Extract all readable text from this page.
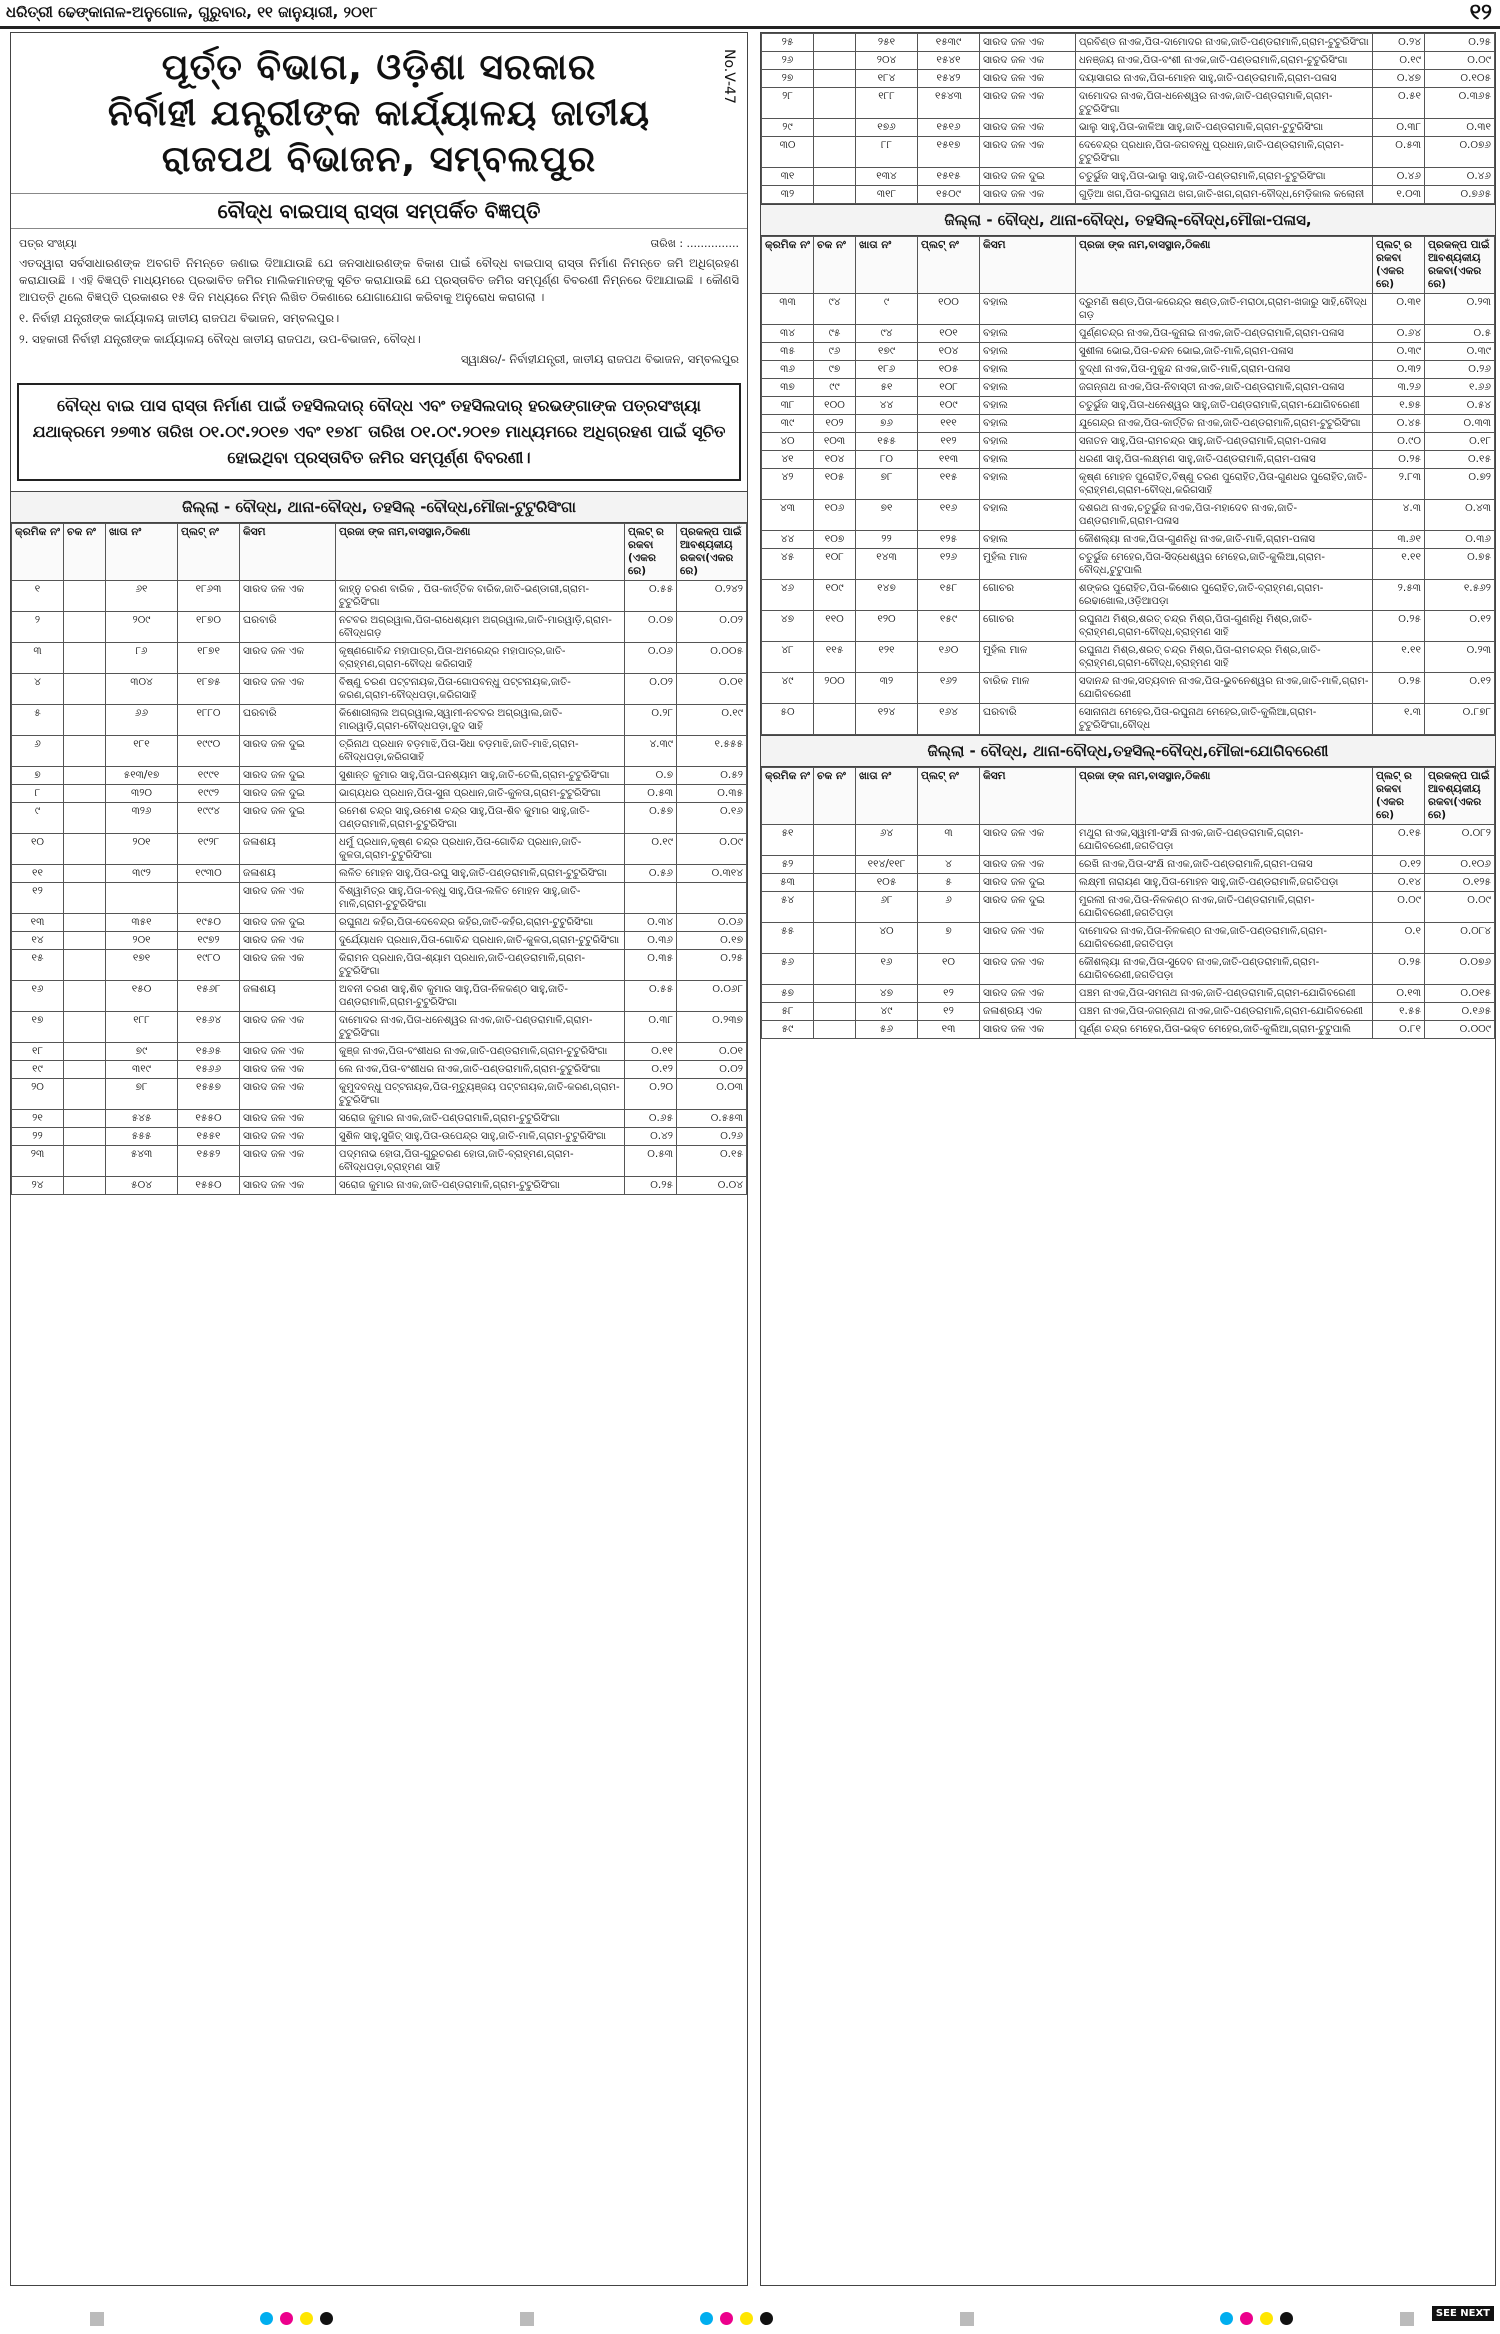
ଧରିତ୍ରୀ ଢେଙ୍କାନାଳ-ଅନୁଗୋଳ, ଗୁରୁବାର, ୧୧ ଜାନୁୟାରୀ, ୨୦୧୮	୧୨
ପୂର୍ତ୍ତ ବିଭାଗ, ଓଡ଼ିଶା ସରକାର
ନିର୍ବାହୀ ଯନ୍ତ୍ରୀଙ୍କ କାର୍ଯ୍ୟାଳୟ ଜାତୀୟ
ରାଜପଥ ବିଭାଜନ, ସମ୍ବଲପୁର
No.V-47
ବୌଦ୍ଧ ବାଇପାସ୍ ରାସ୍ତା ସମ୍ପର୍କିତ ବିଜ୍ଞପ୍ତି
ପତ୍ର ସଂଖ୍ୟା	ତାରିଖ : ...............
ଏତଦ୍ୱାରା ସର୍ବସାଧାରଣଙ୍କ ଅବଗତି ନିମନ୍ତେ ଜଣାଇ ଦିଆଯାଉଛି ଯେ ଜନସାଧାରଣଙ୍କ ବିକାଶ ପାଇଁ ବୌଦ୍ଧ ବାଇପାସ୍ ରାସ୍ତା ନିର୍ମାଣ ନିମନ୍ତେ ଜମି ଅଧିଗ୍ରହଣ କରାଯାଉଛି । ଏହି ବିଜ୍ଞପ୍ତି ମାଧ୍ୟମରେ ପ୍ରଭାବିତ ଜମିର ମାଲିକମାନଙ୍କୁ ସୂଚିତ କରାଯାଉଛି ଯେ ପ୍ରସ୍ତାବିତ ଜମିର ସମ୍ପୂର୍ଣ୍ଣ ବିବରଣୀ ନିମ୍ନରେ ଦିଆଯାଇଛି । କୌଣସି ଆପତ୍ତି ଥିଲେ ବିଜ୍ଞପ୍ତି ପ୍ରକାଶର ୧୫ ଦିନ ମଧ୍ୟରେ ନିମ୍ନ ଲିଖିତ ଠିକଣାରେ ଯୋଗାଯୋଗ କରିବାକୁ ଅନୁରୋଧ କରାଗଲା ।
୧. ନିର୍ବାହୀ ଯନ୍ତ୍ରୀଙ୍କ କାର୍ଯ୍ୟାଳୟ ଜାତୀୟ ରାଜପଥ ବିଭାଜନ, ସମ୍ବଲପୁର।
୨. ସହକାରୀ ନିର୍ବାହୀ ଯନ୍ତ୍ରୀଙ୍କ କାର୍ଯ୍ୟାଳୟ ବୌଦ୍ଧ ଜାତୀୟ ରାଜପଥ, ଉପ-ବିଭାଜନ, ବୌଦ୍ଧ।
ସ୍ୱାକ୍ଷର/- ନିର୍ବାହୀଯନ୍ତ୍ରୀ, ଜାତୀୟ ରାଜପଥ ବିଭାଜନ, ସମ୍ବଲପୁର
ବୌଦ୍ଧ ବାଇ ପାସ ରାସ୍ତା ନିର୍ମାଣ ପାଇଁ ତହସିଲଦାର୍ ବୌଦ୍ଧ ଏବଂ ତହସିଲଦାର୍ ହରଭଙ୍ଗାଙ୍କ ପତ୍ରସଂଖ୍ୟା ଯଥାକ୍ରମେ ୨୭୩୪ ତାରିଖ ୦୧.୦୯.୨୦୧୭ ଏବଂ ୧୭୪୮ ତାରିଖ ୦୧.୦୯.୨୦୧୭ ମାଧ୍ୟମରେ ଅଧିଗ୍ରହଣ ପାଇଁ ସୂଚିତ ହୋଇଥିବା ପ୍ରସ୍ତାବିତ ଜମିର ସମ୍ପୂର୍ଣ୍ଣ ବିବରଣୀ।
ଜିଲ୍ଲା - ବୌଦ୍ଧ, ଥାନା-ବୌଦ୍ଧ, ତହସିଲ୍ -ବୌଦ୍ଧ,ମୌଜା-ଟୁଟୁରିସିଂଗା
କ୍ରମିକ ନଂ	ଚକ ନଂ	ଖାତା ନଂ	ପ୍ଲଟ୍ ନଂ	କିସମ	ପ୍ରଜା ଙ୍କ ନାମ,ବାସସ୍ଥାନ,ଠିକଣା	ପ୍ଲଟ୍ ର ରକବା (ଏକର ରେ)	ପ୍ରକଳ୍ପ ପାଇଁ ଆବଶ୍ୟକୀୟ ରକବା(ଏକର ରେ)
୧		୬୧	୧୮୬୩	ସାରଦ ଜଳ ଏକ	କାହ୍ନୁ ଚରଣ ବାରିକ , ପିତା-କାର୍ତ୍ତିକ ବାରିକ,ଜାତି-ଭଣ୍ଡାରୀ,ଗ୍ରାମ-ଟୁଟୁରିସିଂଗା	୦.୫୫	୦.୨୪୨
୨		୨୦୯	୧୮୭୦	ଘରବାରି	ନଟବର ଅଗ୍ରୱାଲ,ପିତା-ରାଧେଶ୍ୟାମ ଅଗ୍ରୱାଲ,ଜାତି-ମାରୱାଡ଼ି,ଗ୍ରାମ-ବୌଦ୍ଧଗଡ଼	୦.୦୭	୦.୦୨
୩		୮୬	୧୮୭୧	ସାରଦ ଜଳ ଏକ	କୃଷ୍ଣଗୋବିନ୍ଦ ମହାପାତ୍ର,ପିତା-ଅମରେନ୍ଦ୍ର ମହାପାତ୍ର,ଜାତି-ବ୍ରାହ୍ମଣ,ଗ୍ରାମ-ବୌଦ୍ଧ କରିଗସାହି	୦.୦୬	୦.୦୦୫
୪		୩୦୪	୧୮୭୫	ସାରଦ ଜଳ ଏକ	ବିଷ୍ଣୁ ଚରଣ ପଟ୍ଟନାୟକ,ପିତା-ଗୋପବନ୍ଧୁ ପଟ୍ଟନାୟକ,ଜାତି-କରଣ,ଗ୍ରାମ-ବୌଦ୍ଧପଡ଼ା,କରିଗସାହି	୦.୦୨	୦.୦୧
୫		୬୬	୧୮୮୦	ଘରବାରି	କିଶୋରୀଲାଲ ଅଗ୍ରୱାଲ,ସ୍ୱାମୀ-ନଟବର ଅଗ୍ରୱାଲ,ଜାତି-ମାରୱାଡ଼ି,ଗ୍ରାମ-ବୌଦ୍ଧପଡ଼ା,ଜୁଦ ସାହି	୦.୨୮	୦.୧୯
୬		୧୮୧	୧୯୯୦	ସାରଦ ଜଳ ଦୁଇ	ତ୍ରିନାଥ ପ୍ରଧାନ ବଡ଼ମାଝି,ପିତା-ସିଧା ବଡ଼ମାଝି,ଜାତି-ମାଝି,ଗ୍ରାମ-ବୌଦ୍ଧପଡ଼ା,କରିଗସାହି	୪.୩୯	୧.୫୫୫
୭		୫୧୩/୧୭	୧୯୯୧	ସାରଦ ଜଳ ଦୁଇ	ସୁଶାନ୍ତ କୁମାର ସାହୁ,ପିତା-ଘନଶ୍ୟାମ ସାହୁ,ଜାତି-ତେଲି,ଗ୍ରାମ-ଟୁଟୁରିସିଂଗା	୦.୭	୦.୫୨
୮		୩୨୦	୧୯୯୨	ସାରଦ ଜଳ ଦୁଇ	ଭାଗ୍ୟଧର ପ୍ରଧାନ,ପିତା-ସୁନା ପ୍ରଧାନ,ଜାତି-କୁଳତା,ଗ୍ରାମ-ଟୁଟୁରିସିଂଗା	୦.୫୩	୦.୩୫
୯		୩୨୬	୧୯୯୪	ସାରଦ ଜଳ ଦୁଇ	ରମେଶ ଚନ୍ଦ୍ର ସାହୁ,ଉମେଶ ଚନ୍ଦ୍ର ସାହୁ,ପିତା-ଶିବ କୁମାର ସାହୁ,ଜାତି-ପଣ୍ଡରାମାଳି,ଗ୍ରାମ-ଟୁଟୁରିସିଂଗା	୦.୫୭	୦.୧୬
୧୦		୨୦୧	୧୯୨୮	ଜଳାଶୟ	ଧର୍ମୁ ପ୍ରଧାନ,କୃଷ୍ଣ ଚନ୍ଦ୍ର ପ୍ରଧାନ,ପିତା-ଗୋବିନ୍ଦ ପ୍ରଧାନ,ଜାତି-କୁଳତା,ଗ୍ରାମ-ଟୁଟୁରିସିଂଗା	୦.୧୯	୦.୦୯
୧୧		୩୯୨	୧୯୩୦	ଜଳାଶୟ	ଲଳିତ ମୋହନ ସାହୁ,ପିତା-ରଘୁ ସାହୁ,ଜାତି-ପଣ୍ଡରାମାଳି,ଗ୍ରାମ-ଟୁଟୁରିସିଂଗା	୦.୫୬	୦.୩୧୪
୧୨				ସାରଦ ଜଳ ଏକ	ବିଶ୍ୱାମିତ୍ର ସାହୁ,ପିତା-ବନ୍ଧୁ ସାହୁ,ପିତା-ଲଳିତ ମୋହନ ସାହୁ,ଜାତି-ମାଳି,ଗ୍ରାମ-ଟୁଟୁରିସିଂଗା		
୧୩		୩୫୧	୧୯୫୦	ସାରଦ ଜଳ ଦୁଇ	ରଘୁନାଥ କହଁର,ପିତା-ଦେବେନ୍ଦ୍ର କହଁର,ଜାତି-କହଁର,ଗ୍ରାମ-ଟୁଟୁରିସିଂଗା	୦.୩୪	୦.୦୬
୧୪		୨୦୧	୧୯୭୨	ସାରଦ ଜଳ ଏକ	ଦୁର୍ଯ୍ୟୋଧନ ପ୍ରଧାନ,ପିତା-ଗୋବିନ୍ଦ ପ୍ରଧାନ,ଜାତି-କୁଳତା,ଗ୍ରାମ-ଟୁଟୁରିସିଂଗା	୦.୩୬	୦.୧୭
୧୫		୧୭୧	୧୯୮୦	ସାରଦ ଜଳ ଏକ	କିରାମନ ପ୍ରଧାନ,ପିତା-ଶ୍ୟାମ ପ୍ରଧାନ,ଜାତି-ପଣ୍ଡରାମାଳି,ଗ୍ରାମ-ଟୁଟୁରିସିଂଗା	୦.୩୫	୦.୨୫
୧୬		୧୫୦	୧୫୬୮	ଜଳାଶୟ	ଅବନୀ ଚରଣ ସାହୁ,ଶିବ କୁମାର ସାହୁ,ପିତା-ନିଳକଣ୍ଠ ସାହୁ,ଜାତି-ପଣ୍ଡରାମାଳି,ଗ୍ରାମ-ଟୁଟୁରିସିଂଗା	୦.୫୫	୦.୦୬୮
୧୭		୧୮୮	୧୫୬୪	ସାରଦ ଜଳ ଏକ	ଦାମୋଦର ନାଏକ,ପିତା-ଧନେଶ୍ୱର ନାଏକ,ଜାତି-ପଣ୍ଡରାମାଳି,ଗ୍ରାମ-ଟୁଟୁରିସିଂଗା	୦.୩୮	୦.୨୩୭
୧୮		୭୯	୧୫୬୫	ସାରଦ ଜଳ ଏକ	କୁଞ୍ଜ ନାଏକ,ପିତା-ବଂଶୀଧର ନାଏକ,ଜାତି-ପଣ୍ଡରାମାଳି,ଗ୍ରାମ-ଟୁଟୁରିସିଂଗା	୦.୧୧	୦.୦୧
୧୯		୩୧୯	୧୫୬୬	ସାରଦ ଜଳ ଏକ	ଲେ ନାଏକ,ପିତା-ବଂଶୀଧର ନାଏକ,ଜାତି-ପଣ୍ଡରାମାଳି,ଗ୍ରାମ-ଟୁଟୁରିସିଂଗା	୦.୧୨	୦.୦୨
୨୦		୭୮	୧୫୫୭	ସାରଦ ଜଳ ଏକ	କୁମୁଦବନ୍ଧୁ ପଟ୍ଟନାୟକ,ପିତା-ମୃତ୍ୟୁଞ୍ଜୟ ପଟ୍ଟନାୟକ,ଜାତି-କରଣ,ଗ୍ରାମ-ଟୁଟୁରିସିଂଗା	୦.୨୦	୦.୦୩
୨୧		୫୪୫	୧୫୫୦	ସାରଦ ଜଳ ଏକ	ସରୋଜ କୁମାର ନାଏକ,ଜାତି-ପଣ୍ଡରାମାଳି,ଗ୍ରାମ-ଟୁଟୁରିସିଂଗା	୦.୬୫	୦.୫୫୩
୨୨		୫୫୫	୧୫୫୧	ସାରଦ ଜଳ ଏକ	ସୁଶିଳ ସାହୁ,ସୁଜିତ୍ ସାହୁ,ପିତା-ଉପେନ୍ଦ୍ର ସାହୁ,ଜାତି-ମାଳି,ଗ୍ରାମ-ଟୁଟୁରିସିଂଗା	୦.୪୨	୦.୨୬
୨୩		୫୪୩	୧୫୫୨	ସାରଦ ଜଳ ଏକ	ପଦ୍ମନାଭ ହୋତା,ପିତା-ଗୁରୁଚରଣ ହୋତା,ଜାତି-ବ୍ରାହ୍ମଣ,ଗ୍ରାମ-ବୌଦ୍ଧପଡ଼ା,ବ୍ରାହ୍ମଣ ସାହି	୦.୫୩	୦.୧୫
୨୪		୫୦୪	୧୫୫୦	ସାରଦ ଜଳ ଏକ	ସରୋଜ କୁମାର ନାଏକ,ଜାତି-ପଣ୍ଡରାମାଳି,ଗ୍ରାମ-ଟୁଟୁରିସିଂଗା	୦.୨୫	୦.୦୪
୨୫		୨୫୧	୧୫୩୯	ସାରଦ ଜଳ ଏକ	ପ୍ରବିଣ୍ଡ ନାଏକ,ପିତା-ଦାମୋଦର ନାଏକ,ଜାତି-ପଣ୍ଡରାମାଳି,ଗ୍ରାମ-ଟୁଟୁରିସିଂଗା	୦.୨୪	୦.୨୫
୨୬		୨୦୪	୧୫୪୧	ସାରଦ ଜଳ ଏକ	ଧନଞ୍ଜୟ ନାଏକ,ପିତା-ବଂଶୀ ନାଏକ,ଜାତି-ପଣ୍ଡରାମାଳି,ଗ୍ରାମ-ଟୁଟୁରିସିଂଗା	୦.୧୯	୦.୦୯
୨୭		୧୮୪	୧୫୪୨	ସାରଦ ଜଳ ଏକ	ଦୟାସାଗର ନାଏକ,ପିତା-ମୋହନ ସାହୁ,ଜାତି-ପଣ୍ଡରାମାଳି,ଗ୍ରାମ-ପଳାସ	୦.୪୭	୦.୧୦୫
୨୮		୧୮୮	୧୫୪୩	ସାରଦ ଜଳ ଏକ	ଦାମୋଦର ନାଏକ,ପିତା-ଧନେଶ୍ୱର ନାଏକ,ଜାତି-ପଣ୍ଡରାମାଳି,ଗ୍ରାମ-ଟୁଟୁରିସିଂଗା	୦.୫୧	୦.୩୬୫
୨୯		୧୭୬	୧୫୧୬	ସାରଦ ଜଳ ଏକ	ଭାଲୁ ସାହୁ,ପିତା-କାଳିଆ ସାହୁ,ଜାତି-ପଣ୍ଡରାମାଳି,ଗ୍ରାମ-ଟୁଟୁରିସିଂଗା	୦.୩୮	୦.୩୧
୩୦		୮୮	୧୫୧୭	ସାରଦ ଜଳ ଏକ	ଦେବେନ୍ଦ୍ର ପ୍ରଧାନ,ପିତା-ଜଗବନ୍ଧୁ ପ୍ରଧାନ,ଜାତି-ପଣ୍ଡରାମାଳି,ଗ୍ରାମ-ଟୁଟୁରିସିଂଗା	୦.୫୩	୦.୦୭୬
୩୧		୧୩୪	୧୫୧୫	ସାରଦ ଜଳ ଦୁଇ	ଚତୁର୍ଭୁଜ ସାହୁ,ପିତା-ଭାଲୁ ସାହୁ,ଜାତି-ପଣ୍ଡରାମାଳି,ଗ୍ରାମ-ଟୁଟୁରିସିଂଗା	୦.୪୬	୦.୪୬
୩୨		୩୧୮	୧୫୦୯	ସାରଦ ଜଳ ଏକ	ଗୁଡ଼ିଆ ଖଗ,ପିତା-ରଘୁନାଥ ଖଗ,ଜାତି-ଖଗ,ଗ୍ରାମ-ବୌଦ୍ଧ,ମେଡ଼ିକାଲ କଲୋନୀ	୧.୦୩	୦.୭୬୫
ଜିଲ୍ଲା - ବୌଦ୍ଧ, ଥାନା-ବୌଦ୍ଧ, ତହସିଲ୍-ବୌଦ୍ଧ,ମୌଜା-ପଳାସ,
କ୍ରମିକ ନଂ	ଚକ ନଂ	ଖାତା ନଂ	ପ୍ଲଟ୍ ନଂ	କିସମ	ପ୍ରଜା ଙ୍କ ନାମ,ବାସସ୍ଥାନ,ଠିକଣା	ପ୍ଲଟ୍ ର ରକବା (ଏକର ରେ)	ପ୍ରକଳ୍ପ ପାଇଁ ଆବଶ୍ୟକୀୟ ରକବା(ଏକର ରେ)
୩୩	୯୪	୯	୧୦୦	ବହାଲ	ଦ୍ରୁମଣି ଷଣ୍ଡ,ପିତା-କରେନ୍ଦ୍ର ଷଣ୍ଡ,ଜାତି-ମରାଠା,ଗ୍ରାମ-ଖଜାରୁ ସାହି,ବୌଦ୍ଧ ଗଡ଼	୦.୩୧	୦.୨୩
୩୪	୯୫	୯୪	୧୦୧	ବହାଲ	ପୁର୍ଣ୍ଣଚନ୍ଦ୍ର ନାଏକ,ପିତା-କୁନାଇ ନାଏକ,ଜାତି-ପଣ୍ଡରାମାଳି,ଗ୍ରାମ-ପଳାସ	୦.୬୪	୦.୫
୩୫	୯୬	୧୭୯	୧୦୪	ବହାଲ	ସୁଶୀଳା ଭୋଇ,ପିତା-ଚନ୍ଦନ ଭୋଇ,ଜାତି-ମାଳି,ଗ୍ରାମ-ପଳାସ	୦.୩୯	୦.୩୯
୩୬	୯୭	୧୮୬	୧୦୫	ବହାଲ	ବୁଦ୍ଧୀ ନାଏକ,ପିତା-ମୁକୁନ୍ଦ ନାଏକ,ଜାତି-ମାଳି,ଗ୍ରାମ-ପଳାସ	୦.୩୨	୦.୨୬
୩୭	୯୯	୫୧	୧୦୮	ବହାଲ	ଜଗନ୍ନାଥ ନାଏକ,ପିତା-ନିବାସ୍ତୀ ନାଏକ,ଜାତି-ପଣ୍ଡରାମାଳି,ଗ୍ରାମ-ପଳାସ	୩.୨୬	୧.୬୬
୩୮	୧୦୦	୪୪	୧୦୯	ବହାଲ	ଚତୁର୍ଭୁଜ ସାହୁ,ପିତା-ଧନେଶ୍ୱର ସାହୁ,ଜାତି-ପଣ୍ଡରାମାଳି,ଗ୍ରାମ-ଯୋଗିବରେଣୀ	୧.୭୫	୦.୫୪
୩୯	୧୦୨	୭୬	୧୧୧	ବହାଲ	ଯୁଗେନ୍ଦ୍ର ନାଏକ,ପିତା-କାର୍ତ୍ତିକ ନାଏକ,ଜାତି-ପଣ୍ଡରାମାଳି,ଗ୍ରାମ-ଟୁଟୁରିସିଂଗା	୦.୪୫	୦.୩୩
୪୦	୧୦୩	୧୫୫	୧୧୨	ବହାଲ	ସନାତନ ସାହୁ,ପିତା-ରାମଚନ୍ଦ୍ର ସାହୁ,ଜାତି-ପଣ୍ଡରାମାଳି,ଗ୍ରାମ-ପଳାସ	୦.୯୦	୦.୧୮
୪୧	୧୦୪	୮୦	୧୧୩	ବହାଲ	ଧରଣୀ ସାହୁ,ପିତା-ଲକ୍ଷ୍ମଣ ସାହୁ,ଜାତି-ପଣ୍ଡରାମାଳି,ଗ୍ରାମ-ପଳାସ	୦.୨୫	୦.୧୫
୪୨	୧୦୫	୭୮	୧୧୫	ବହାଲ	କୃଷ୍ଣ ମୋହନ ପୁରୋହିତ,ବିଷ୍ଣୁ ଚରଣ ପୁରୋହିତ,ପିତା-ଗୁଣଧର ପୁରୋହିତ,ଜାତି-ବ୍ରାହ୍ମଣ,ଗ୍ରାମ-ବୌଦ୍ଧ,କରିଗସାହି	୨.୮୩	୦.୭୨
୪୩	୧୦୬	୭୧	୧୧୬	ବହାଲ	ଦଶରଥ ନାଏକ,ଚତୁର୍ଭୁଜ ନାଏକ,ପିତା-ମହାଦେବ ନାଏକ,ଜାତି-ପଣ୍ଡରାମାଳି,ଗ୍ରାମ-ପଳାସ	୪.୩	୦.୪୩
୪୪	୧୦୭	୨୨	୧୨୫	ବହାଲ	କୌଶଲ୍ୟା ନାଏକ,ପିତା-ଗୁଣନିଧି ନାଏକ,ଜାତି-ମାଳି,ଗ୍ରାମ-ପଳାସ	୩.୬୧	୦.୩୬
୪୫	୧୦୮	୧୪୩	୧୨୬	ମୁହଁଲ ମାଳ	ଚତୁର୍ଭୁଜ ମେହେର,ପିତା-ସିଦ୍ଧେଶ୍ୱର ମେହେର,ଜାତି-କୁଲିଆ,ଗ୍ରାମ-ବୌଦ୍ଧ,ଟୁଟୁପାଲି	୧.୧୧	୦.୭୫
୪୬	୧୦୯	୧୪୭	୧୫୮	ଗୋଚର	ଶଙ୍କର ପୁରୋହିତ,ପିତା-କିଶୋର ପୁରୋହିତ,ଜାତି-ବ୍ରାହ୍ମଣ,ଗ୍ରାମ-ରେଢାଖୋଲ,ଓଡ଼ିଆପଡ଼ା	୨.୫୩	୧.୫୬୨
୪୭	୧୧୦	୧୨୦	୧୫୯	ଗୋଚର	ରଘୁନାଥ ମିଶ୍ର,ଶରତ୍ ଚନ୍ଦ୍ର ମିଶ୍ର,ପିତା-ଗୁଣନିଧି ମିଶ୍ର,ଜାତି-ବ୍ରାହ୍ମଣ,ଗ୍ରାମ-ବୌଦ୍ଧ,ବ୍ରାହ୍ମଣ ସାହି	୦.୨୫	୦.୧୨
୪୮	୧୧୫	୧୨୧	୧୬୦	ମୁହଁଲ ମାଳ	ରଘୁନାଥ ମିଶ୍ର,ଶରତ୍ ଚନ୍ଦ୍ର ମିଶ୍ର,ପିତା-ରାମଚନ୍ଦ୍ର ମିଶ୍ର,ଜାତି-ବ୍ରାହ୍ମଣ,ଗ୍ରାମ-ବୌଦ୍ଧ,ବ୍ରାହ୍ମଣ ସାହି	୧.୧୧	୦.୨୩
୪୯	୨୦୦	୩୨	୧୬୨	ବାରିକ ମାଳ	ସଦାନନ୍ଦ ନାଏକ,ସତ୍ୟବାନ ନାଏକ,ପିତା-ଭୁବନେଶ୍ୱର ନାଏକ,ଜାତି-ମାଳି,ଗ୍ରାମ-ଯୋଗିବରେଣୀ	୦.୨୫	୦.୧୨
୫୦		୧୨୪	୧୬୪	ଘରବାରି	ସୋନାନାଥ ମେହେର,ପିତା-ରଘୁନାଥ ମେହେର,ଜାତି-କୁଲିଆ,ଗ୍ରାମ-ଟୁଟୁରିସିଂଗା,ବୌଦ୍ଧ	୧.୩	୦.୮୭୮
ଜିଲ୍ଲା - ବୌଦ୍ଧ, ଥାନା-ବୌଦ୍ଧ,ତହସିଲ୍-ବୌଦ୍ଧ,ମୌଜା-ଯୋଗିବରେଣୀ
କ୍ରମିକ ନଂ	ଚକ ନଂ	ଖାତା ନଂ	ପ୍ଲଟ୍ ନଂ	କିସମ	ପ୍ରଜା ଙ୍କ ନାମ,ବାସସ୍ଥାନ,ଠିକଣା	ପ୍ଲଟ୍ ର ରକବା (ଏକର ରେ)	ପ୍ରକଳ୍ପ ପାଇଁ ଆବଶ୍ୟକୀୟ ରକବା(ଏକର ରେ)
୫୧		୬୪	୩	ସାରଦ ଜଳ ଏକ	ମଥୁରା ନାଏକ,ସ୍ୱାମୀ-ସଂକ୍ଷି ନାଏକ,ଜାତି-ପଣ୍ଡରାମାଳି,ଗ୍ରାମ-ଯୋଗିବରେଣୀ,ଜଗତିପଡ଼ା	୦.୧୫	୦.୦୮୨
୫୨		୧୧୪/୧୧୮	୪	ସାରଦ ଜଳ ଏକ	ରେଖି ନାଏକ,ପିତା-ସଂକ୍ଷି ନାଏକ,ଜାତି-ପଣ୍ଡରାମାଳି,ଗ୍ରାମ-ପଳାସ	୦.୧୨	୦.୧୦୬
୫୩		୧୦୫	୫	ସାରଦ ଜଳ ଦୁଇ	ଲକ୍ଷ୍ମୀ ନାରାୟଣ ସାହୁ,ପିତା-ମୋହନ ସାହୁ,ଜାତି-ପଣ୍ଡରାମାଳି,ଜଗତିପଡ଼ା	୦.୧୪	୦.୧୨୫
୫୪		୬୮	୬	ସାରଦ ଜଳ ଦୁଇ	ମୁରଲୀ ନାଏକ,ପିତା-ନିଳକଣ୍ଠ ନାଏକ,ଜାତି-ପଣ୍ଡରାମାଳି,ଗ୍ରାମ-ଯୋଗିବରେଣୀ,ଜଗତିପଡ଼ା	୦.୦୯	୦.୦୯
୫୫		୪୦	୭	ସାରଦ ଜଳ ଏକ	ଦାମୋଦର ନାଏକ,ପିତା-ନିଳକଣ୍ଠ ନାଏକ,ଜାତି-ପଣ୍ଡରାମାଳି,ଗ୍ରାମ-ଯୋଗିବରେଣୀ,ଜଗତିପଡ଼ା	୦.୧	୦.୦୮୪
୫୬		୧୬	୧୦	ସାରଦ ଜଳ ଏକ	କୌଶଲ୍ୟା ନାଏକ,ପିତା-ସୁଦେବ ନାଏକ,ଜାତି-ପଣ୍ଡରାମାଳି,ଗ୍ରାମ-ଯୋଗିବରେଣୀ,ଜଗତିପଡ଼ା	୦.୨୫	୦.୦୭୬
୫୭		୪୭	୧୨	ସାରଦ ଜଳ ଏକ	ପଞ୍ଚମ ନାଏକ,ପିତା-ସମନାଥ ନାଏକ,ଜାତି-ପଣ୍ଡରାମାଳି,ଗ୍ରାମ-ଯୋଗିବରେଣୀ	୦.୧୩	୦.୦୧୫
୫୮		୪୯	୧୨	ଜଳାଶ୍ରୟ ଏକ	ପଞ୍ଚମ ନାଏକ,ପିତା-ଜଗନ୍ନାଥ ନାଏକ,ଜାତି-ପଣ୍ଡରାମାଳି,ଗ୍ରାମ-ଯୋଗିବରେଣୀ	୧.୫୫	୦.୧୬୫
୫୯		୫୬	୧୩	ସାରଦ ଜଳ ଏକ	ପୂର୍ଣ୍ଣ ଚନ୍ଦ୍ର ମେହେର,ପିତା-ଭକ୍ତ ମେହେର,ଜାତି-କୁଲିଆ,ଗ୍ରାମ-ଟୁଟୁପାଲି	୦.୮୧	୦.୦୦୯
SEE NEXT
